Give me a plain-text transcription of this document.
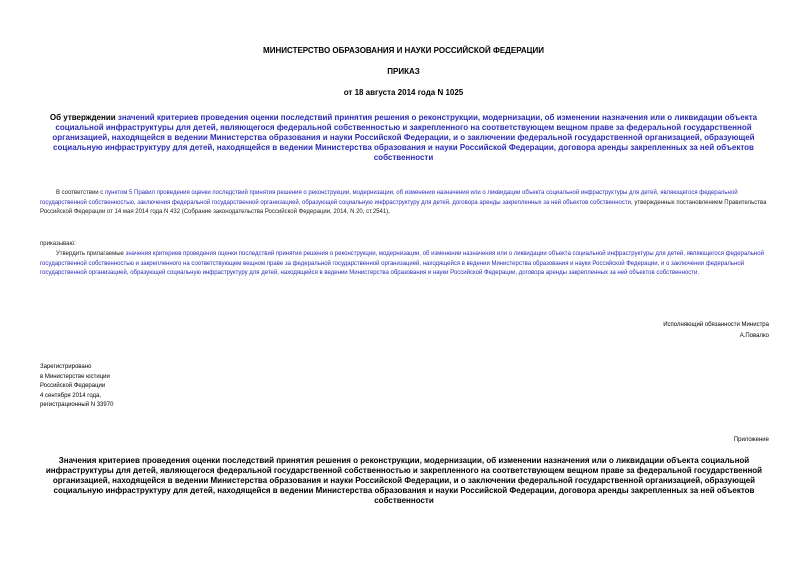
МИНИСТЕРСТВО ОБРАЗОВАНИЯ И НАУКИ РОССИЙСКОЙ ФЕДЕРАЦИИ
ПРИКАЗ
от 18 августа 2014 года N 1025
Об утверждении значений критериев проведения оценки последствий принятия решения о реконструкции, модернизации, об изменении назначения или о ликвидации объекта социальной инфраструктуры для детей, являющегося федеральной собственностью и закрепленного на соответствующем вещном праве за федеральной государственной организацией, находящейся в ведении Министерства образования и науки Российской Федерации, и о заключении федеральной государственной организацией, образующей социальную инфраструктуру для детей, находящейся в ведении Министерства образования и науки Российской Федерации, договора аренды закрепленных за ней объектов собственности
В соответствии с пунктом 5 Правил проведения оценки последствий принятия решения о реконструкции, модернизации, об изменении назначения или о ликвидации объекта социальной инфраструктуры для детей, являющегося федеральной государственной собственностью, заключения федеральной государственной организацией, образующей социальную инфраструктуру для детей, договора аренды закрепленных за ней объектов собственности, утвержденных постановлением Правительства Российской Федерации от 14 мая 2014 года N 432 (Собрание законодательства Российской Федерации, 2014, N 20, ст.2541),
приказываю:
Утвердить прилагаемые значения критериев проведения оценки последствий принятия решения о реконструкции, модернизации, об изменении назначения или о ликвидации объекта социальной инфраструктуры для детей, являющегося федеральной государственной собственностью и закрепленного на соответствующем вещном праве за федеральной государственной организацией, находящейся в ведении Министерства образования и науки Российской Федерации, и о заключении федеральной государственной организацией, образующей социальную инфраструктуру для детей, находящейся в ведении Министерства образования и науки Российской Федерации, договора аренды закрепленных за ней объектов собственности.
Исполняющий обязанности Министра
А.Повалко
Зарегистрировано
в Министерстве юстиции
Российской Федерации
4 сентября 2014 года,
регистрационный N 33970
Приложение
Значения критериев проведения оценки последствий принятия решения о реконструкции, модернизации, об изменении назначения или о ликвидации объекта социальной инфраструктуры для детей, являющегося федеральной государственной собственностью и закрепленного на соответствующем вещном праве за федеральной государственной организацией, находящейся в ведении Министерства образования и науки Российской Федерации, и о заключении федеральной государственной организацией, образующей социальную инфраструктуру для детей, находящейся в ведении Министерства образования и науки Российской Федерации, договора аренды закрепленных за ней объектов собственности
